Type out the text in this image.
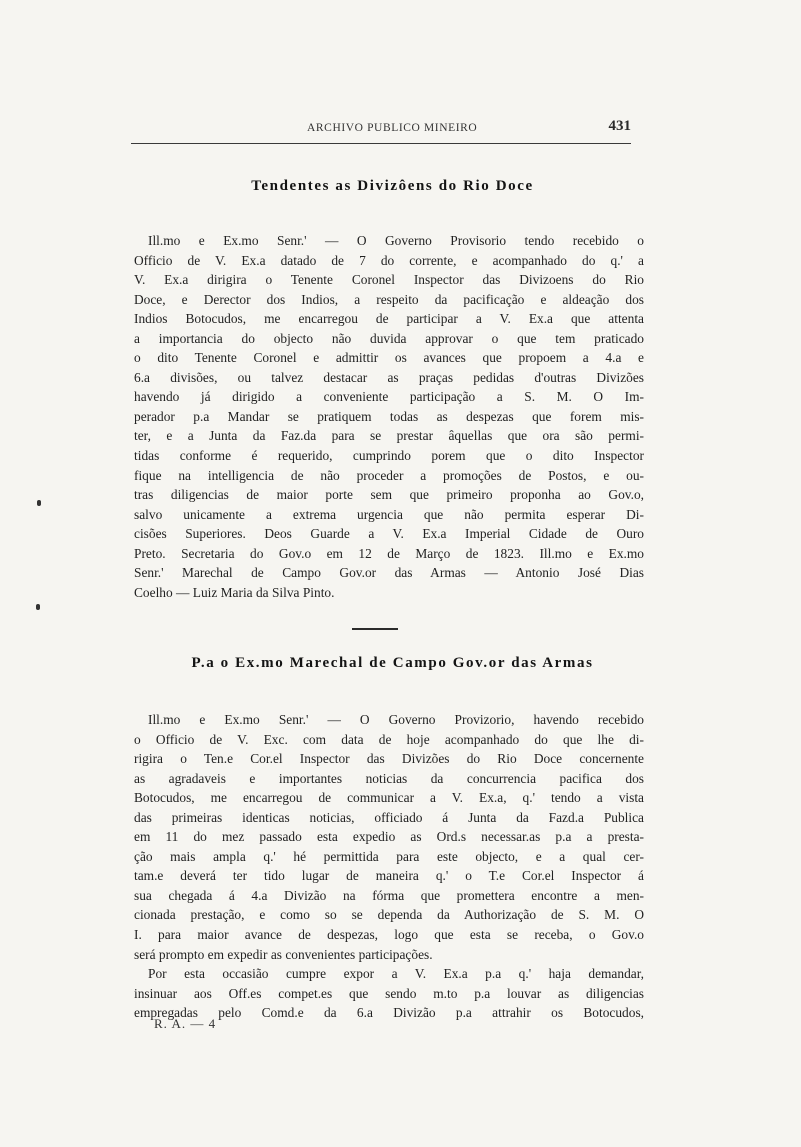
ARCHIVO PUBLICO MINEIRO	431
Tendentes as Divizôens do Rio Doce
Ill.mo e Ex.mo Senr.' — O Governo Provisorio tendo recebido o
Officio de V. Ex.a datado de 7 do corrente, e acompanhado do q.' a
V. Ex.a dirigira o Tenente Coronel Inspector das Divizoens do Rio
Doce, e Derector dos Indios, a respeito da pacificação e aldeação dos
Indios Botocudos, me encarregou de participar a V. Ex.a que attenta
a importancia do objecto não duvida approvar o que tem praticado
o dito Tenente Coronel e admittir os avances que propoem a 4.a e
6.a divisões, ou talvez destacar as praças pedidas d'outras Divizões
havendo já dirigido a conveniente participação a S. M. O Im-
perador p.a Mandar se pratiquem todas as despezas que forem mis-
ter, e a Junta da Faz.da para se prestar âquellas que ora são permi-
tidas conforme é requerido, cumprindo porem que o dito Inspector
fique na intelligencia de não proceder a promoções de Postos, e ou-
tras diligencias de maior porte sem que primeiro proponha ao Gov.o,
salvo unicamente a extrema urgencia que não permita esperar Di-
cisões Superiores. Deos Guarde a V. Ex.a Imperial Cidade de Ouro
Preto. Secretaria do Gov.o em 12 de Março de 1823. Ill.mo e Ex.mo
Senr.' Marechal de Campo Gov.or das Armas — Antonio José Dias
Coelho — Luiz Maria da Silva Pinto.
P.a o Ex.mo Marechal de Campo Gov.or das Armas
Ill.mo e Ex.mo Senr.' — O Governo Provizorio, havendo recebido
o Officio de V. Exc. com data de hoje acompanhado do que lhe di-
rigira o Ten.e Cor.el Inspector das Divizões do Rio Doce concernente
as agradaveis e importantes noticias da concurrencia pacifica dos
Botocudos, me encarregou de communicar a V. Ex.a, q.' tendo a vista
das primeiras identicas noticias, officiado á Junta da Fazd.a Publica
em 11 do mez passado esta expedio as Ord.s necessar.as p.a a presta-
ção mais ampla q.' hé permittida para este objecto, e a qual cer-
tam.e deverá ter tido lugar de maneira q.' o T.e Cor.el Inspector á
sua chegada á 4.a Divizão na fórma que promettera encontre a men-
cionada prestação, e como so se dependa da Authorização de S. M. O
I. para maior avance de despezas, logo que esta se receba, o Gov.o
será prompto em expedir as convenientes participações.
Por esta occasião cumpre expor a V. Ex.a p.a q.' haja demandar,
insinuar aos Off.es compet.es que sendo m.to p.a louvar as diligencias
empregadas pelo Comd.e da 6.a Divizão p.a attrahir os Botocudos,
R. A. — 4
